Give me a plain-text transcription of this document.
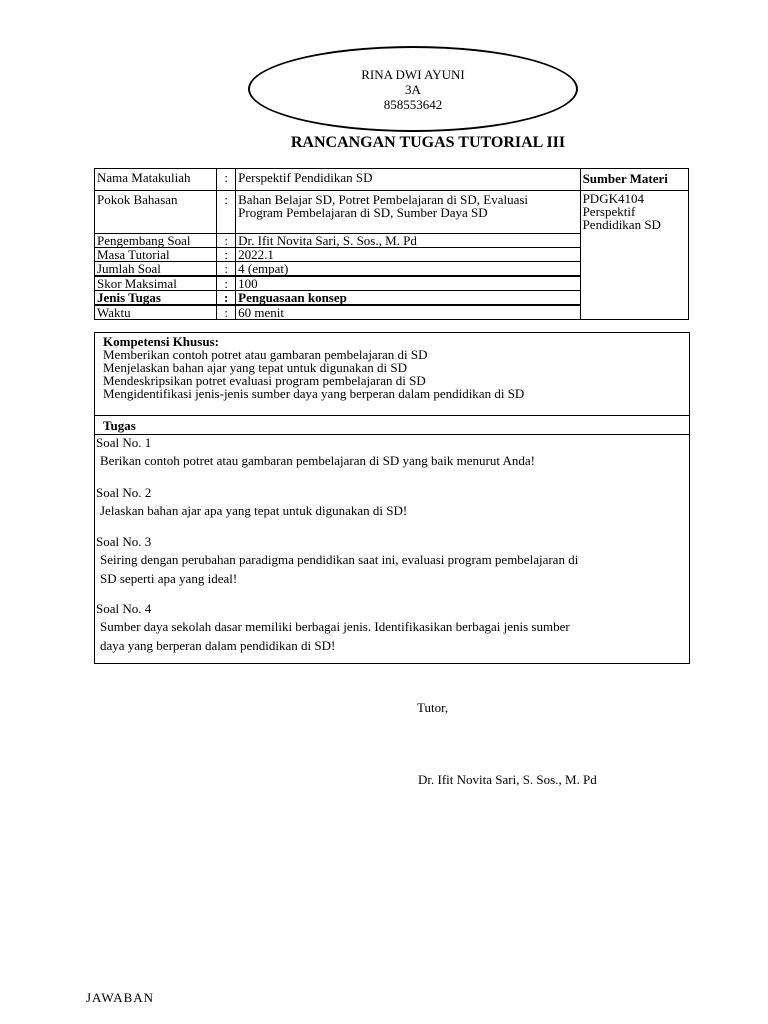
RINA DWI AYUNI
3A
858553642
RANCANGAN TUGAS TUTORIAL III
Nama Matakuliah	:	Perspektif Pendidikan SD	Sumber Materi
Pokok Bahasan	:	Bahan Belajar SD, Potret Pembelajaran di SD, Evaluasi Program Pembelajaran di SD, Sumber Daya SD	PDGK4104
Perspektif
Pendidikan SD

Pengembang Soal	:	Dr. Ifit Novita Sari, S. Sos., M. Pd	
Masa Tutorial	:	2022.1	
Jumlah Soal	:	4 (empat)	
Skor Maksimal	:	100	
Jenis Tugas	:	Penguasaan konsep	
Waktu	:	60 menit	
Kompetensi Khusus:
Memberikan contoh potret atau gambaran pembelajaran di SD
Menjelaskan bahan ajar yang tepat untuk digunakan di SD
Mendeskripsikan potret evaluasi program pembelajaran di SD
Mengidentifikasi jenis-jenis sumber daya yang berperan dalam pendidikan di SD
Tugas
Soal No. 1
Berikan contoh potret atau gambaran pembelajaran di SD yang baik menurut Anda!
Soal No. 2
Jelaskan bahan ajar apa yang tepat untuk digunakan di SD!
Soal No. 3
Seiring dengan perubahan paradigma pendidikan saat ini, evaluasi program pembelajaran di
SD seperti apa yang ideal!
Soal No. 4
Sumber daya sekolah dasar memiliki berbagai jenis. Identifikasikan berbagai jenis sumber
daya yang berperan dalam pendidikan di SD!
Tutor,
Dr. Ifit Novita Sari, S. Sos., M. Pd
JAWABAN
